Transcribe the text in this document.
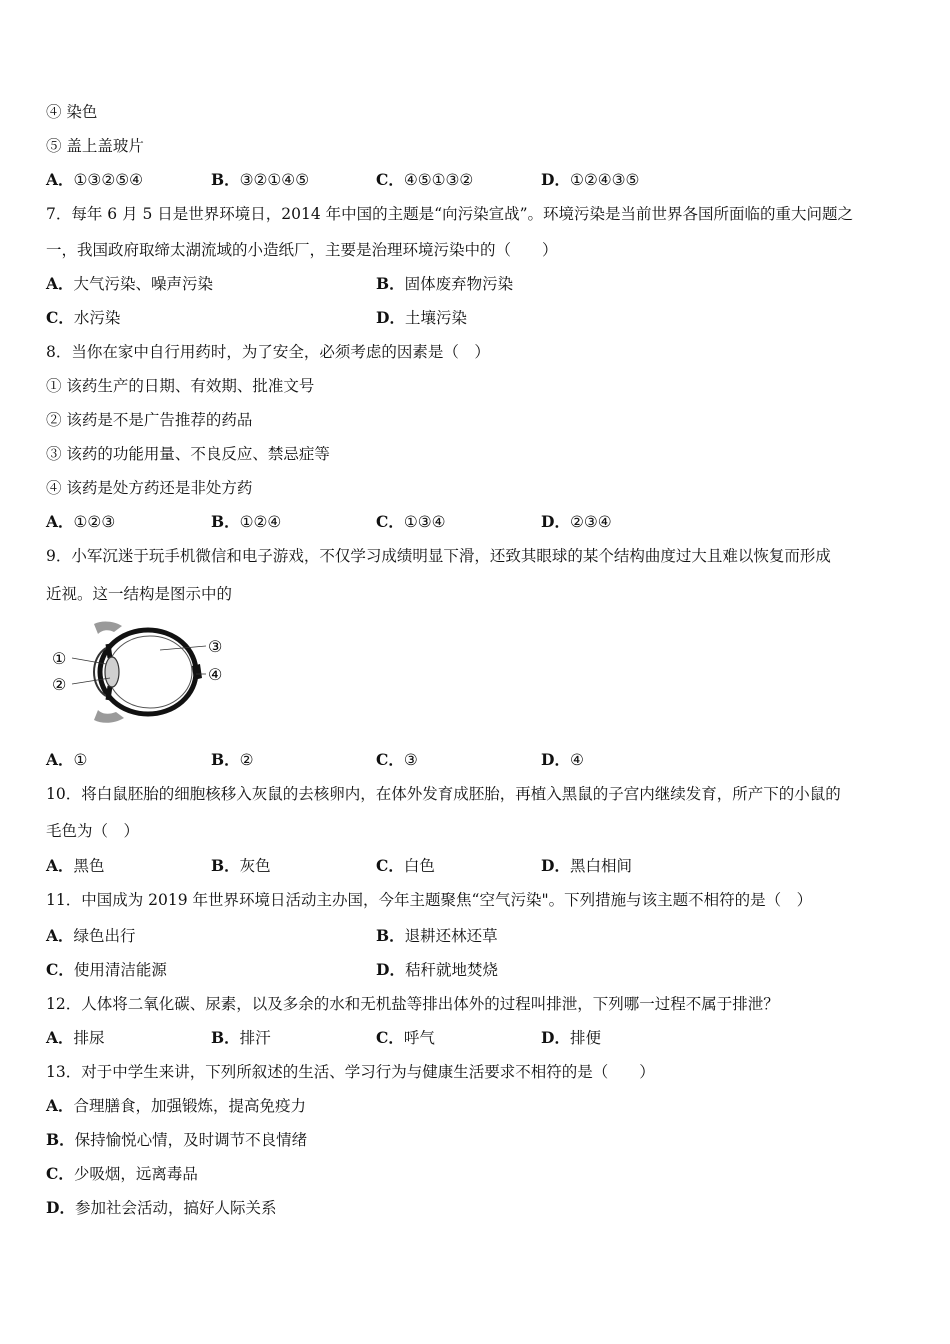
④ 染色
⑤ 盖上盖玻片
A．①③②⑤④	B．③②①④⑤	C．④⑤①③②	D．①②④③⑤
7．每年 6 月 5 日是世界环境日，2014 年中国的主题是“向污染宣战”。环境污染是当前世界各国所面临的重大问题之
一，我国政府取缔太湖流域的小造纸厂，主要是治理环境污染中的（　　）
A．大气污染、噪声污染	B．固体废弃物污染
C．水污染	D．土壤污染
8．当你在家中自行用药时，为了安全，必须考虑的因素是（　）
① 该药生产的日期、有效期、批准文号
② 该药是不是广告推荐的药品
③ 该药的功能用量、不良反应、禁忌症等
④ 该药是处方药还是非处方药
A．①②③	B．①②④	C．①③④	D．②③④
9．小军沉迷于玩手机微信和电子游戏，不仅学习成绩明显下滑，还致其眼球的某个结构曲度过大且难以恢复而形成
近视。这一结构是图示中的
①
②
③
④
A．①	B．②	C．③	D．④
10．将白鼠胚胎的细胞核移入灰鼠的去核卵内，在体外发育成胚胎，再植入黑鼠的子宫内继续发育，所产下的小鼠的
毛色为（　）
A．黑色	B．灰色	C．白色	D．黑白相间
11．中国成为 2019 年世界环境日活动主办国，今年主题聚焦“空气污染"。下列措施与该主题不相符的是（　）
A．绿色出行	B．退耕还林还草
C．使用清洁能源	D．秸秆就地焚烧
12．人体将二氧化碳、尿素，以及多余的水和无机盐等排出体外的过程叫排泄，下列哪一过程不属于排泄？
A．排尿	B．排汗	C．呼气	D．排便
13．对于中学生来讲，下列所叙述的生活、学习行为与健康生活要求不相符的是（　　）
A．合理膳食，加强锻炼，提高免疫力
B．保持愉悦心情，及时调节不良情绪
C．少吸烟，远离毒品
D．参加社会活动，搞好人际关系
